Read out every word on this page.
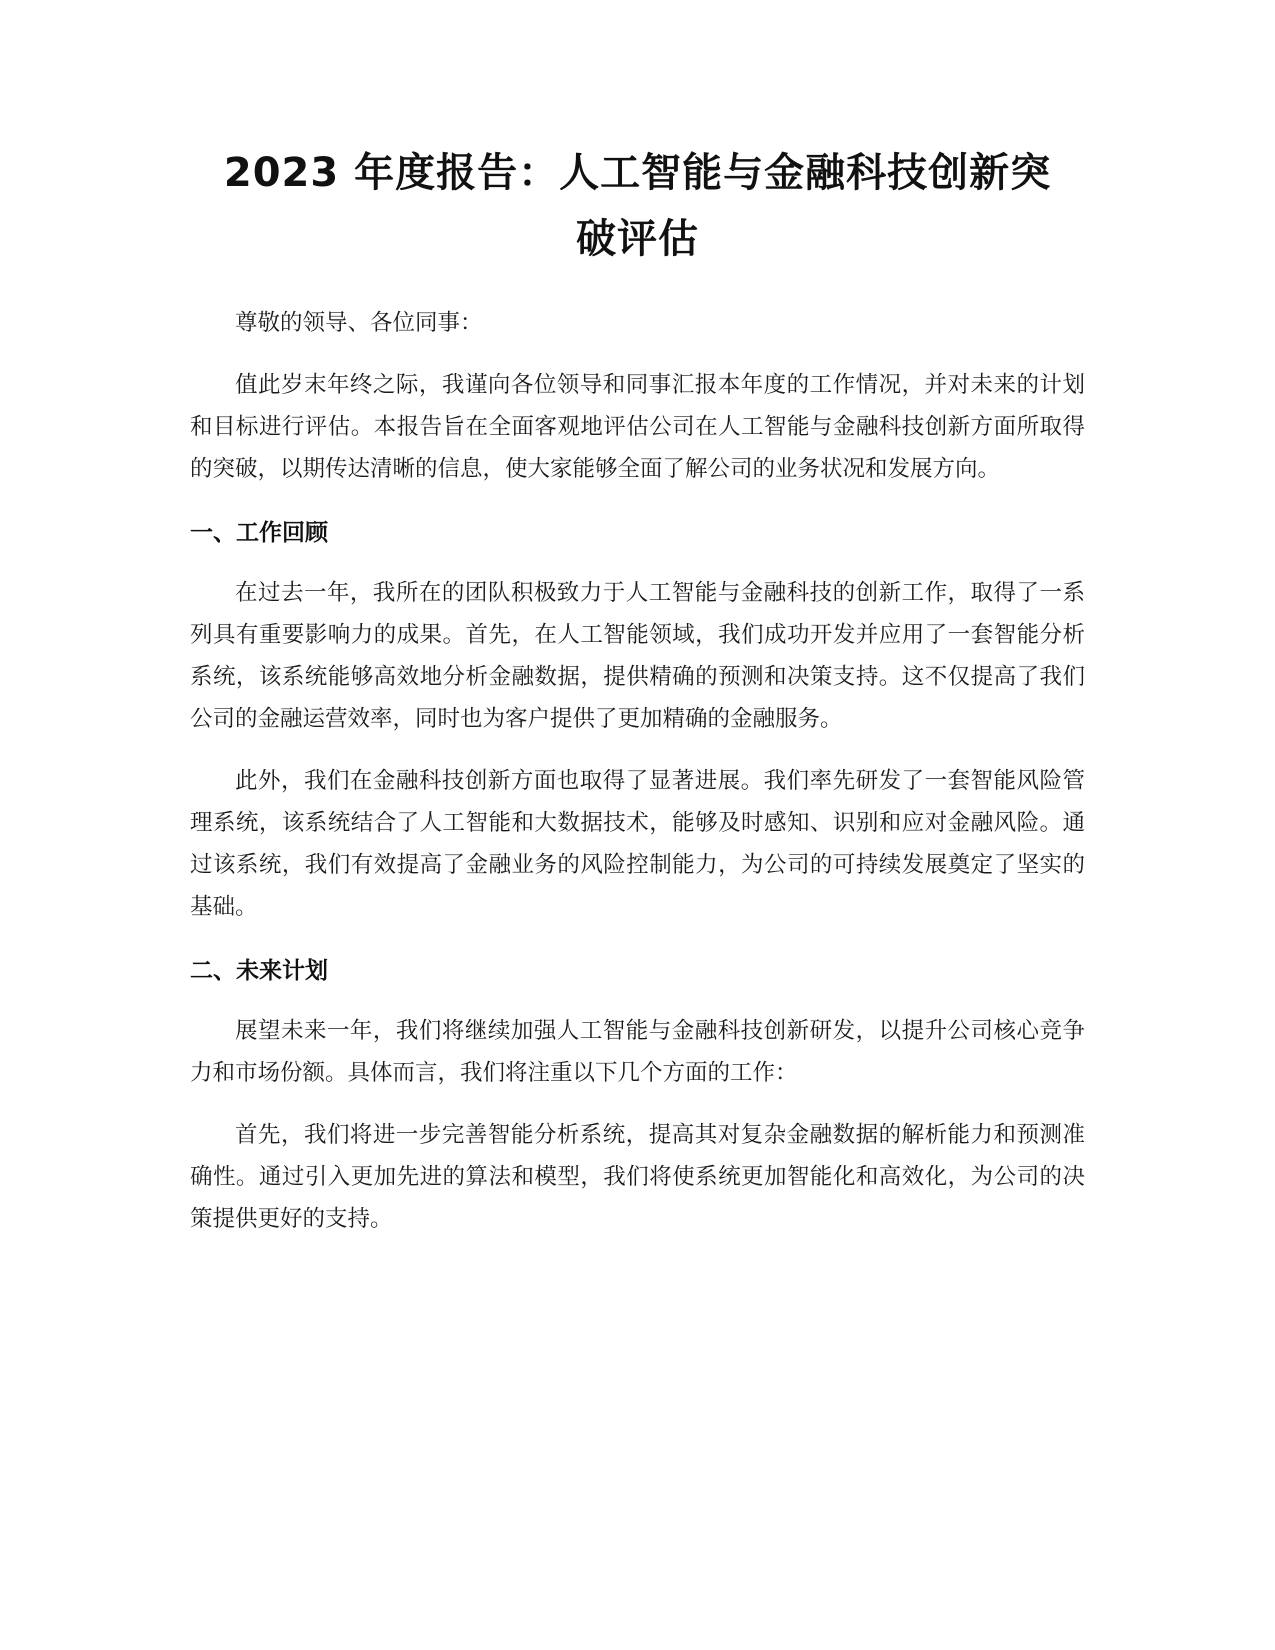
2023 年度报告：人工智能与金融科技创新突
破评估

尊敬的领导、各位同事：

值此岁末年终之际，我谨向各位领导和同事汇报本年度的工作情况，并对未来的计划和目标进行评估。本报告旨在全面客观地评估公司在人工智能与金融科技创新方面所取得的突破，以期传达清晰的信息，使大家能够全面了解公司的业务状况和发展方向。

一、工作回顾

在过去一年，我所在的团队积极致力于人工智能与金融科技的创新工作，取得了一系列具有重要影响力的成果。首先，在人工智能领域，我们成功开发并应用了一套智能分析系统，该系统能够高效地分析金融数据，提供精确的预测和决策支持。这不仅提高了我们公司的金融运营效率，同时也为客户提供了更加精确的金融服务。

此外，我们在金融科技创新方面也取得了显著进展。我们率先研发了一套智能风险管理系统，该系统结合了人工智能和大数据技术，能够及时感知、识别和应对金融风险。通过该系统，我们有效提高了金融业务的风险控制能力，为公司的可持续发展奠定了坚实的基础。

二、未来计划

展望未来一年，我们将继续加强人工智能与金融科技创新研发，以提升公司核心竞争力和市场份额。具体而言，我们将注重以下几个方面的工作：

首先，我们将进一步完善智能分析系统，提高其对复杂金融数据的解析能力和预测准确性。通过引入更加先进的算法和模型，我们将使系统更加智能化和高效化，为公司的决策提供更好的支持。
